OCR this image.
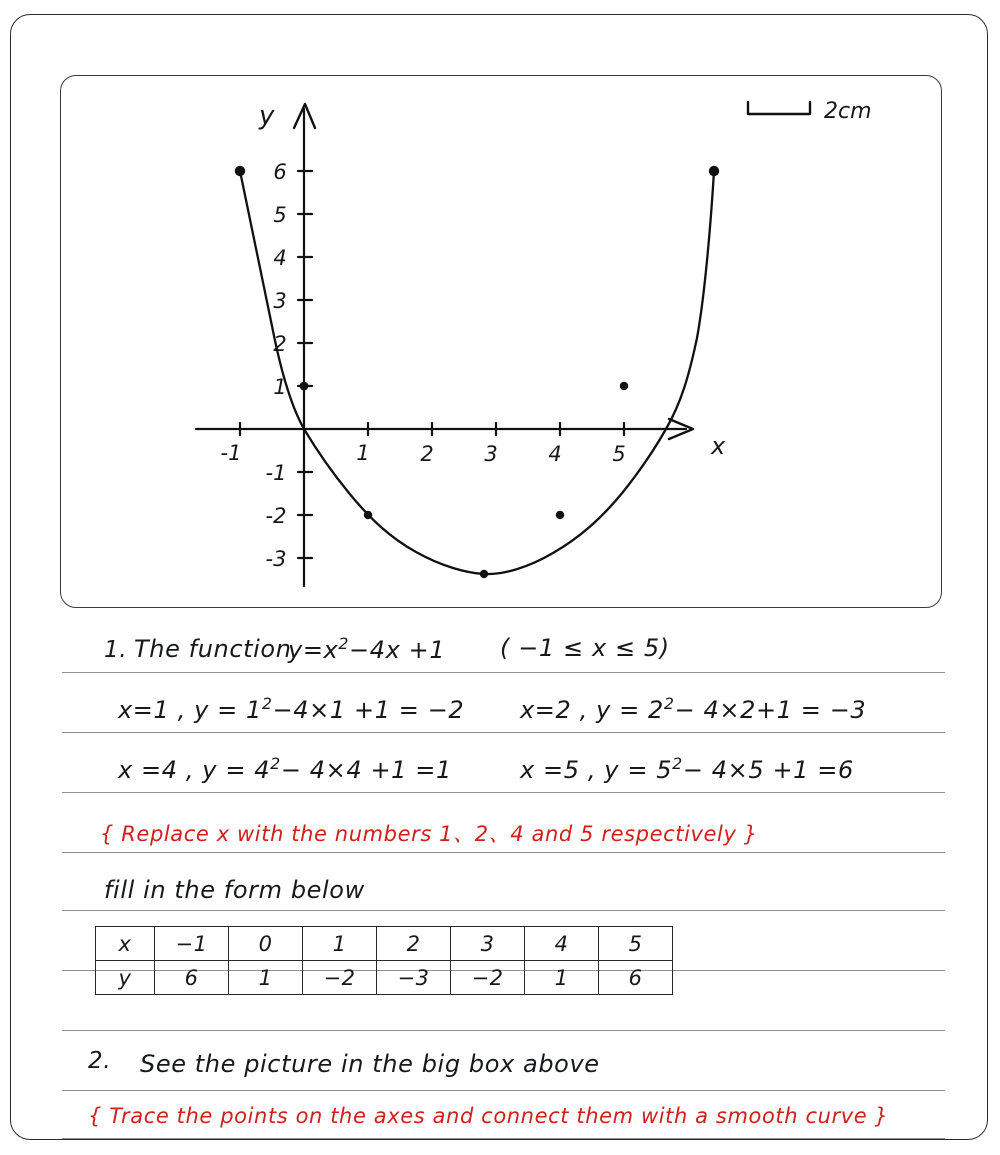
-1	1 2 3 4 5
1
2
3
4
5
6
-1
-2
-3
x
y	2cm
1. The function
$y=x^2-4x +1$ ( −1 ≤ x ≤ 5)
x=1 , $y = 1^2-4\times 1 +1 = -2$ x=2 , $y = 2^2- 4\times 2+1 = -3$
x =4 , $y = 4^2- 4\times 4 +1 =1$	x =5 , $y = 5^2- 4\times 5 +1 =6$
{ Replace x with the numbers 1、2、4 and 5 respectively }
fill in the form below
x	−1	0	1	2	3	4	5
y	6	1	−2	−3	−2	1	6
2. See the picture in the big box above
{ Trace the points on the axes and connect them with a smooth curve }
